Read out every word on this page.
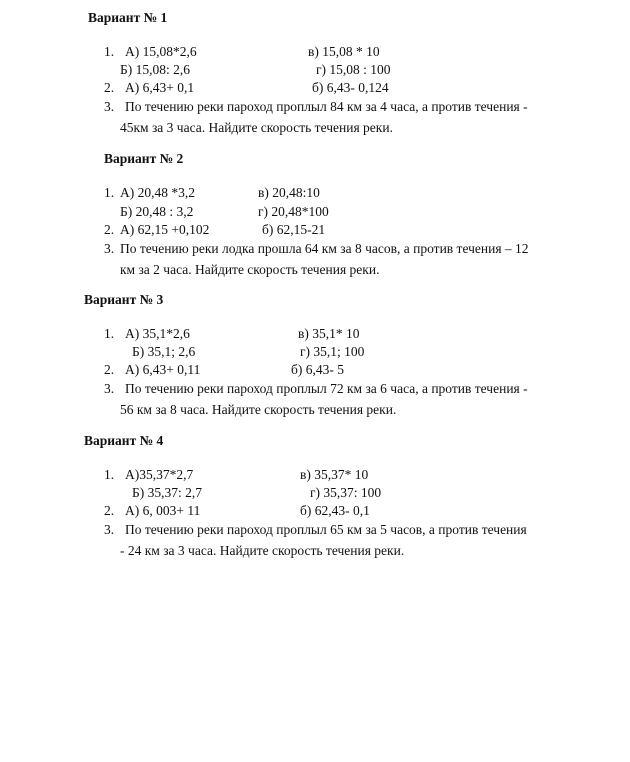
Вариант № 1
1. А) 15,08*2,6	в) 15,08 * 10
Б) 15,08: 2,6	г) 15,08 : 100
2. А) 6,43+ 0,1	б) 6,43- 0,124
3. По течению реки пароход проплыл 84 км за 4 часа, а против течения -
45км за 3 часа. Найдите скорость течения реки.
Вариант № 2
1. А) 20,48 *3,2	в) 20,48:10
Б) 20,48 : 3,2	г) 20,48*100
2. А) 62,15 +0,102	б) 62,15-21
3. По течению реки лодка прошла 64 км за 8 часов, а против течения – 12
км за 2 часа. Найдите скорость течения реки.
Вариант № 3
1. А) 35,1*2,6	в) 35,1* 10
Б) 35,1; 2,6	г) 35,1; 100
2. А) 6,43+ 0,11	б) 6,43- 5
3. По течению реки пароход проплыл 72 км за 6 часа, а против течения -
56 км за 8 часа. Найдите скорость течения реки.
Вариант № 4
1. А)35,37*2,7	в) 35,37* 10
Б) 35,37: 2,7	г) 35,37: 100
2. А) 6, 003+ 11	б) 62,43- 0,1
3. По течению реки пароход проплыл 65 км за 5 часов, а против течения
- 24 км за 3 часа. Найдите скорость течения реки.
